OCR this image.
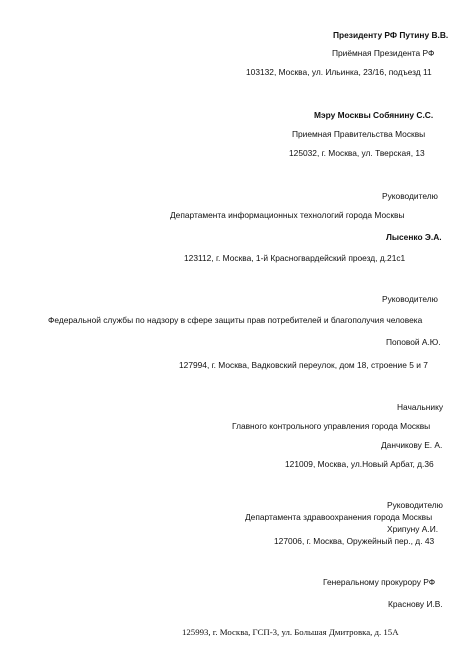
Президенту РФ Путину В.В.
Приёмная Президента РФ
103132, Москва, ул. Ильинка, 23/16, подъезд 11
Мэру Москвы Собянину С.С.
Приемная Правительства Москвы
125032, г. Москва, ул. Тверская, 13
Руководителю
Департамента информационных технологий города Москвы
Лысенко Э.А.
123112, г. Москва, 1-й Красногвардейский проезд, д.21с1
Руководителю
Федеральной службы по надзору в сфере защиты прав потребителей и благополучия человека
Поповой А.Ю.
127994, г. Москва, Вадковский переулок, дом 18, строение 5 и 7
Начальнику
Главного контрольного управления города Москвы
Данчикову Е. А.
121009, Москва, ул.Новый Арбат, д.36
Руководителю
Департамента здравоохранения города Москвы
Хрипуну А.И.
127006, г. Москва, Оружейный пер., д. 43
Генеральному прокурору РФ
Краснову И.В.
125993, г. Москва, ГСП-3, ул. Большая Дмитровка, д. 15А
